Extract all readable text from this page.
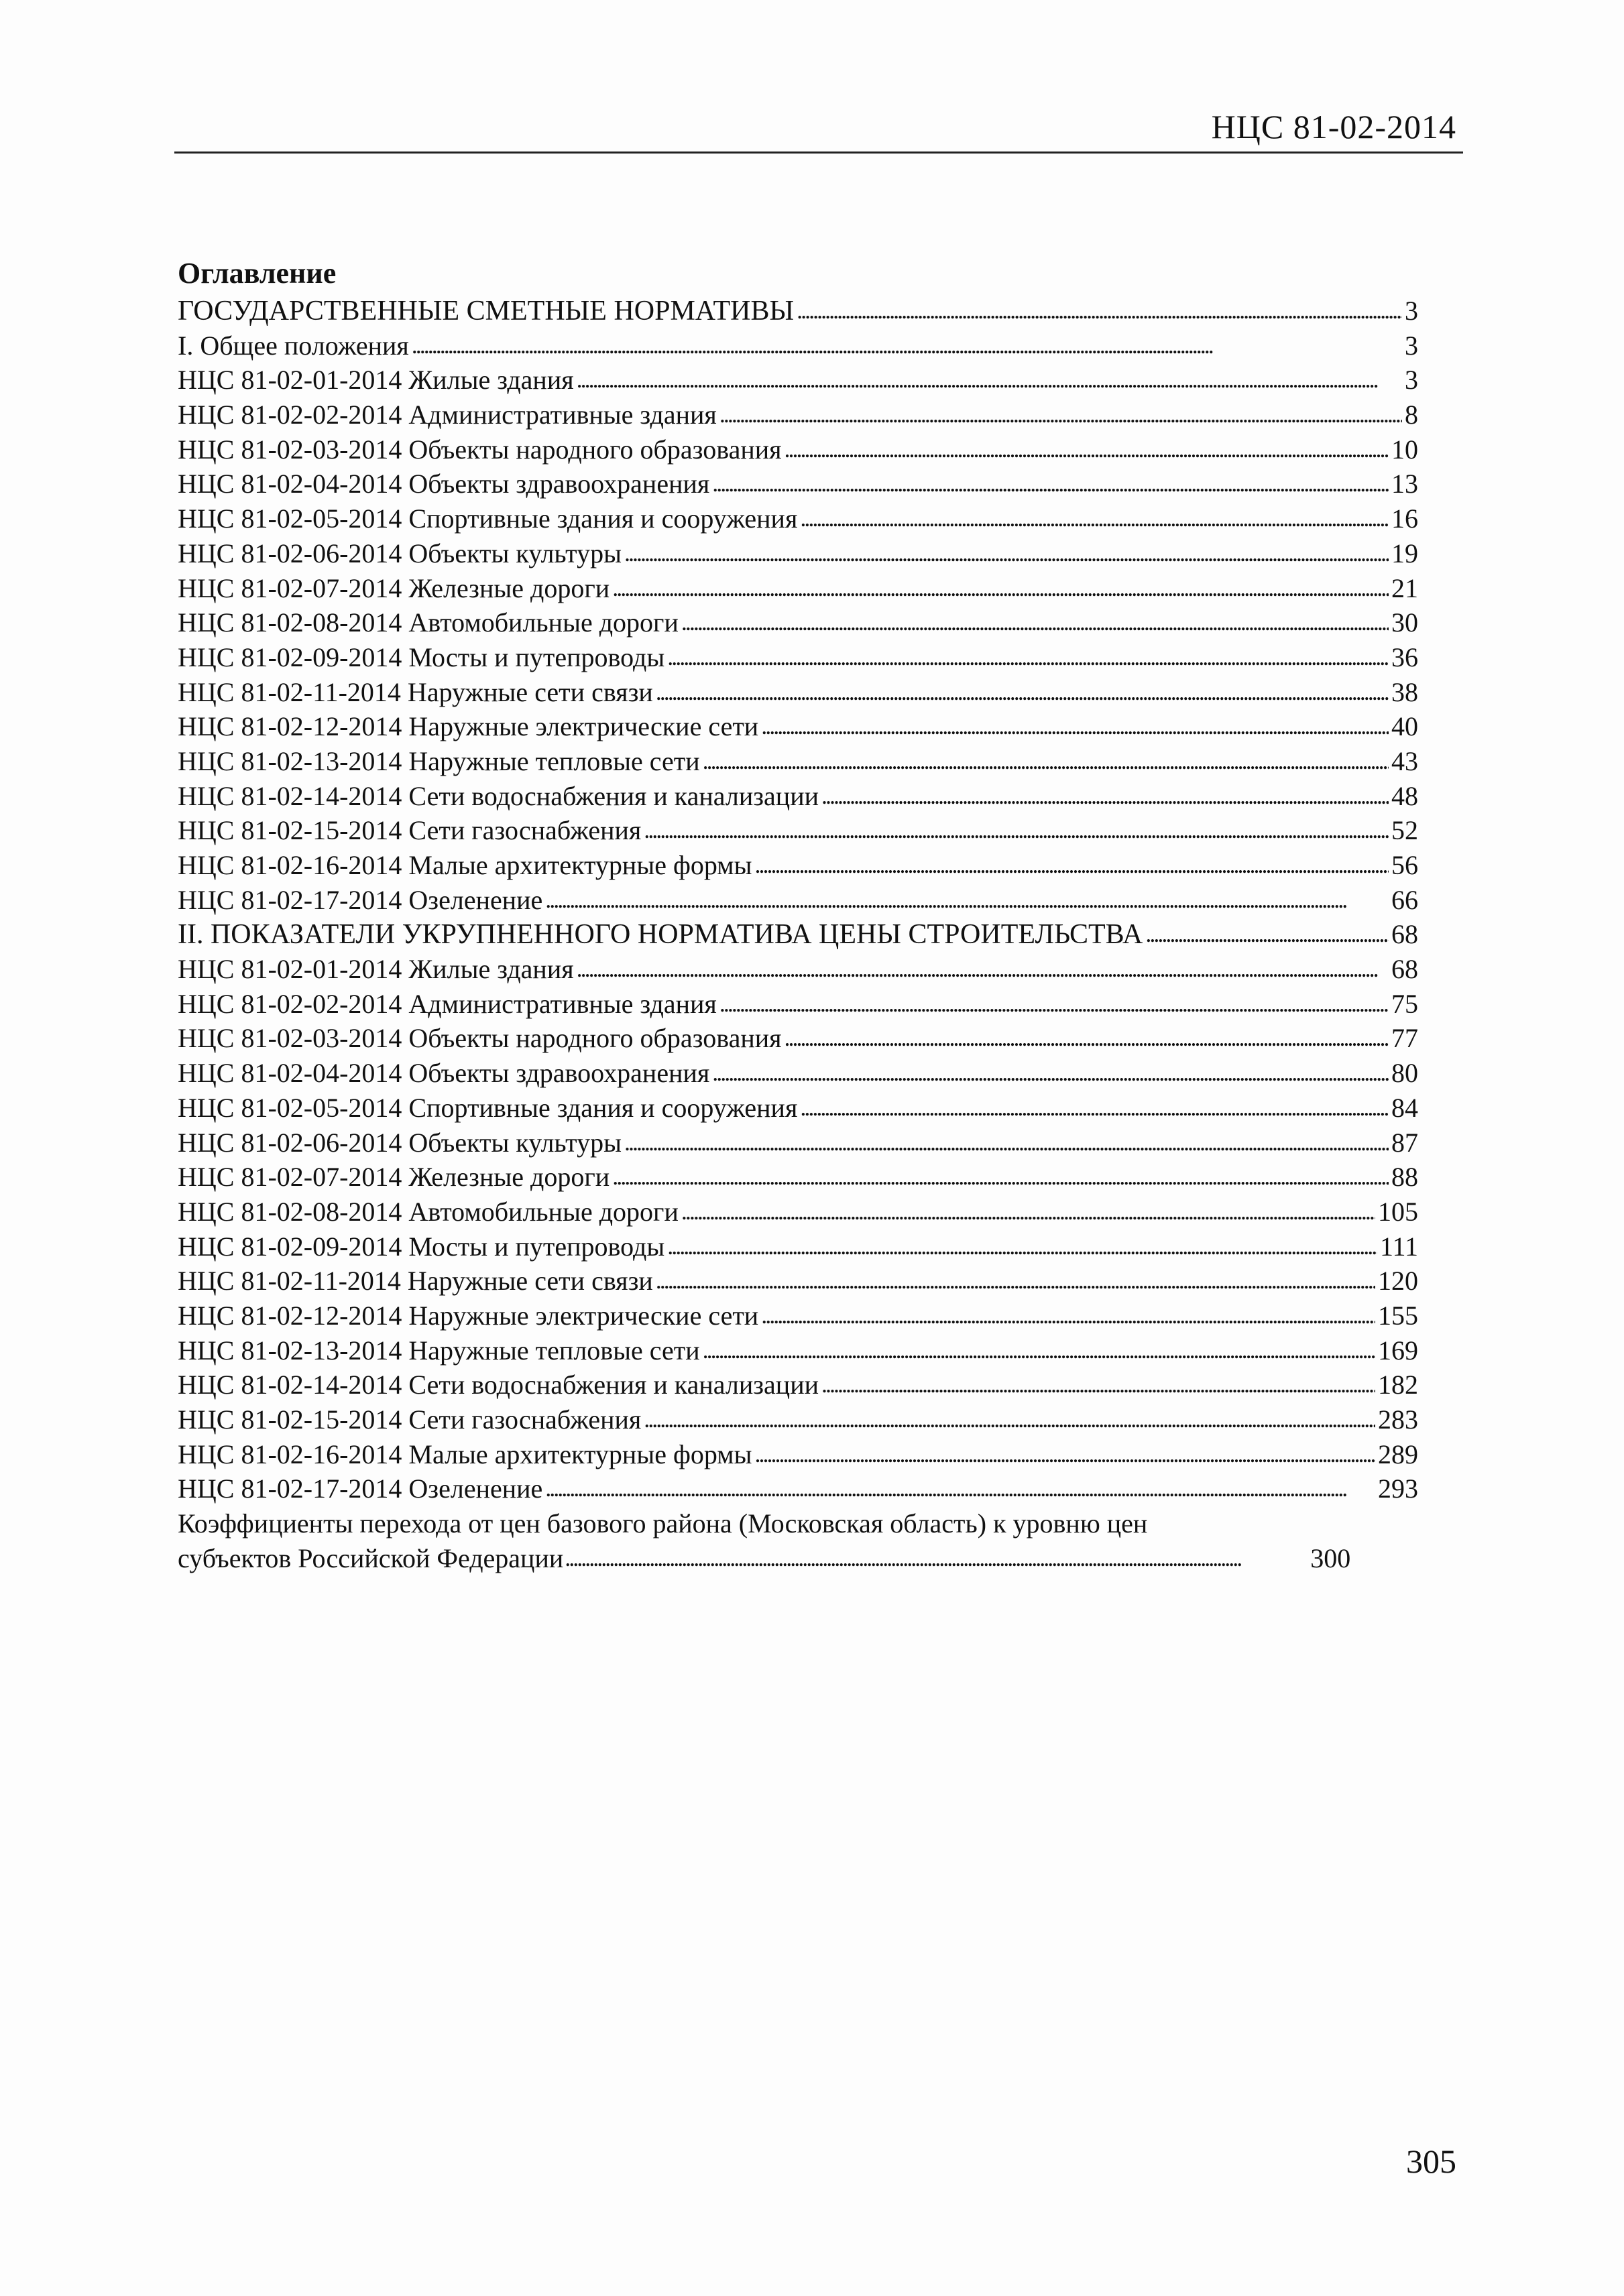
НЦС 81-02-2014
Оглавление
ГОСУДАРСТВЕННЫЕ СМЕТНЫЕ НОРМАТИВЫ . . .	3
I. Общее положения . . .	3
НЦС 81-02-01-2014 Жилые здания . . .	3
НЦС 81-02-02-2014 Административные здания . . .	8
НЦС 81-02-03-2014 Объекты народного образования . . .	10
НЦС 81-02-04-2014 Объекты здравоохранения . . .	13
НЦС 81-02-05-2014 Спортивные здания и сооружения . . .	16
НЦС 81-02-06-2014 Объекты культуры . . .	19
НЦС 81-02-07-2014 Железные дороги . . .	21
НЦС 81-02-08-2014 Автомобильные дороги . . .	30
НЦС 81-02-09-2014 Мосты и путепроводы . . .	36
НЦС 81-02-11-2014 Наружные сети связи . . .	38
НЦС 81-02-12-2014 Наружные электрические сети . . .	40
НЦС 81-02-13-2014 Наружные тепловые сети . . .	43
НЦС 81-02-14-2014 Сети водоснабжения и канализации . . .	48
НЦС 81-02-15-2014 Сети газоснабжения . . .	52
НЦС 81-02-16-2014 Малые архитектурные формы . . .	56
НЦС 81-02-17-2014 Озеленение . . .	66
II. ПОКАЗАТЕЛИ УКРУПНЕННОГО НОРМАТИВА ЦЕНЫ СТРОИТЕЛЬСТВА . . .	68
НЦС 81-02-01-2014 Жилые здания . . .	68
НЦС 81-02-02-2014 Административные здания . . .	75
НЦС 81-02-03-2014 Объекты народного образования . . .	77
НЦС 81-02-04-2014 Объекты здравоохранения . . .	80
НЦС 81-02-05-2014 Спортивные здания и сооружения . . .	84
НЦС 81-02-06-2014 Объекты культуры . . .	87
НЦС 81-02-07-2014 Железные дороги . . .	88
НЦС 81-02-08-2014 Автомобильные дороги . . .	105
НЦС 81-02-09-2014 Мосты и путепроводы . . .	111
НЦС 81-02-11-2014 Наружные сети связи . . .	120
НЦС 81-02-12-2014 Наружные электрические сети . . .	155
НЦС 81-02-13-2014 Наружные тепловые сети . . .	169
НЦС 81-02-14-2014 Сети водоснабжения и канализации . . .	182
НЦС 81-02-15-2014 Сети газоснабжения . . .	283
НЦС 81-02-16-2014 Малые архитектурные формы . . .	289
НЦС 81-02-17-2014 Озеленение . . .	293
Коэффициенты перехода от цен базового района (Московская область) к уровню цен
субъектов Российской Федерации . . .	300
305
